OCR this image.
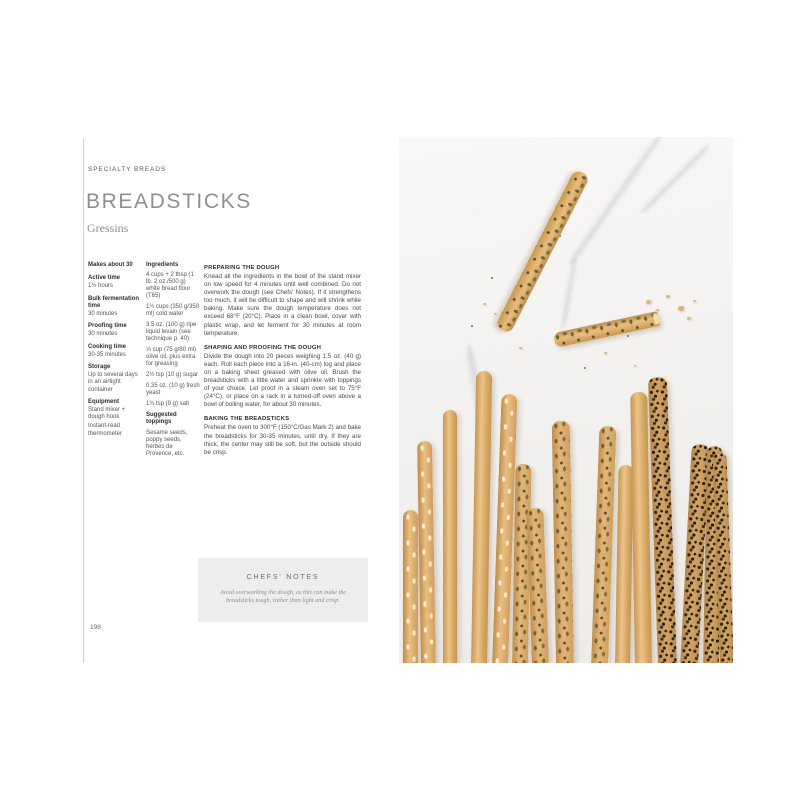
SPECIALTY BREADS
BREADSTICKS
Gressins

Makes about 30

Active time

1½ hours

Bulk fermentation time

30 minutes

Proofing time

30 minutes

Cooking time

30-35 minutes

Storage

Up to several days in an airtight container

Equipment

Stand mixer + dough hook

Instant-read thermometer

Ingredients

4 cups + 2 tbsp (1 lb. 2 oz./500 g) white bread flour (T65)

1½ cups (350 g/350 ml) cold water

3.5 oz. (100 g) ripe liquid levain (see technique p. 40)

⅓ cup (75 g/80 ml) olive oil, plus extra for greasing

2½ tsp (10 g) sugar

0.35 oz. (10 g) fresh yeast

1¾ tsp (9 g) salt

Suggested toppings

Sesame seeds, poppy seeds, herbes de Provence, etc.

PREPARING THE DOUGH

Knead all the ingredients in the bowl of the stand mixer on low speed for 4 minutes until well combined. Do not overwork the dough (see Chefs' Notes). If it strengthens too much, it will be difficult to shape and will shrink while baking. Make sure the dough temperature does not exceed 68°F (20°C). Place in a clean bowl, cover with plastic wrap, and let ferment for 30 minutes at room temperature.

SHAPING AND PROOFING THE DOUGH

Divide the dough into 20 pieces weighing 1.5 oz. (40 g) each. Roll each piece into a 16-in. (40-cm) log and place on a baking sheet greased with olive oil. Brush the breadsticks with a little water and sprinkle with toppings of your choice. Let proof in a steam oven set to 75°F (24°C), or place on a rack in a turned-off oven above a bowl of boiling water, for about 30 minutes.

BAKING THE BREADSTICKS

Preheat the oven to 300°F (150°C/Gas Mark 2) and bake the breadsticks for 30-35 minutes, until dry. If they are thick, the center may still be soft, but the outside should be crisp.

CHEFS' NOTES
Avoid overworking the dough, as this can make the breadsticks tough, rather than light and crisp.
198
